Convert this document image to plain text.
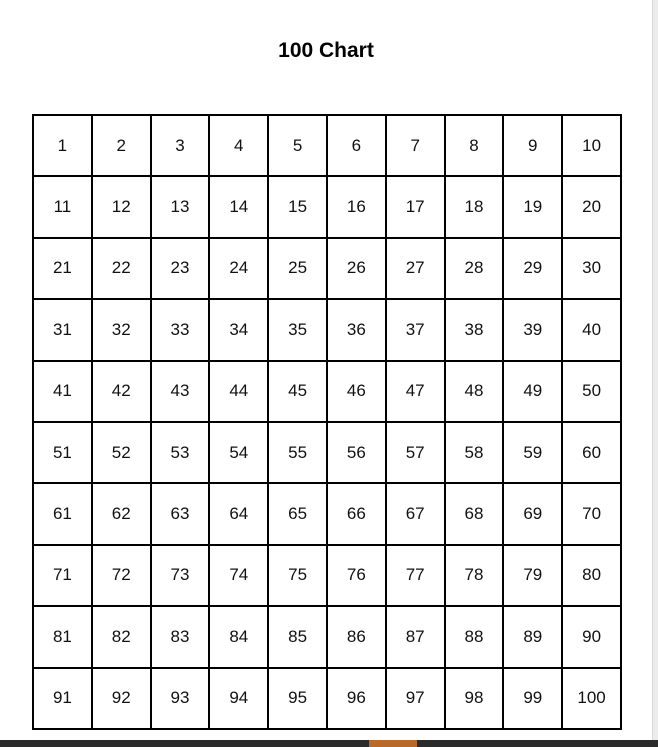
100 Chart
1	2	3	4	5	6	7	8	9	10
11	12	13	14	15	16	17	18	19	20
21	22	23	24	25	26	27	28	29	30
31	32	33	34	35	36	37	38	39	40
41	42	43	44	45	46	47	48	49	50
51	52	53	54	55	56	57	58	59	60
61	62	63	64	65	66	67	68	69	70
71	72	73	74	75	76	77	78	79	80
81	82	83	84	85	86	87	88	89	90
91	92	93	94	95	96	97	98	99	100
